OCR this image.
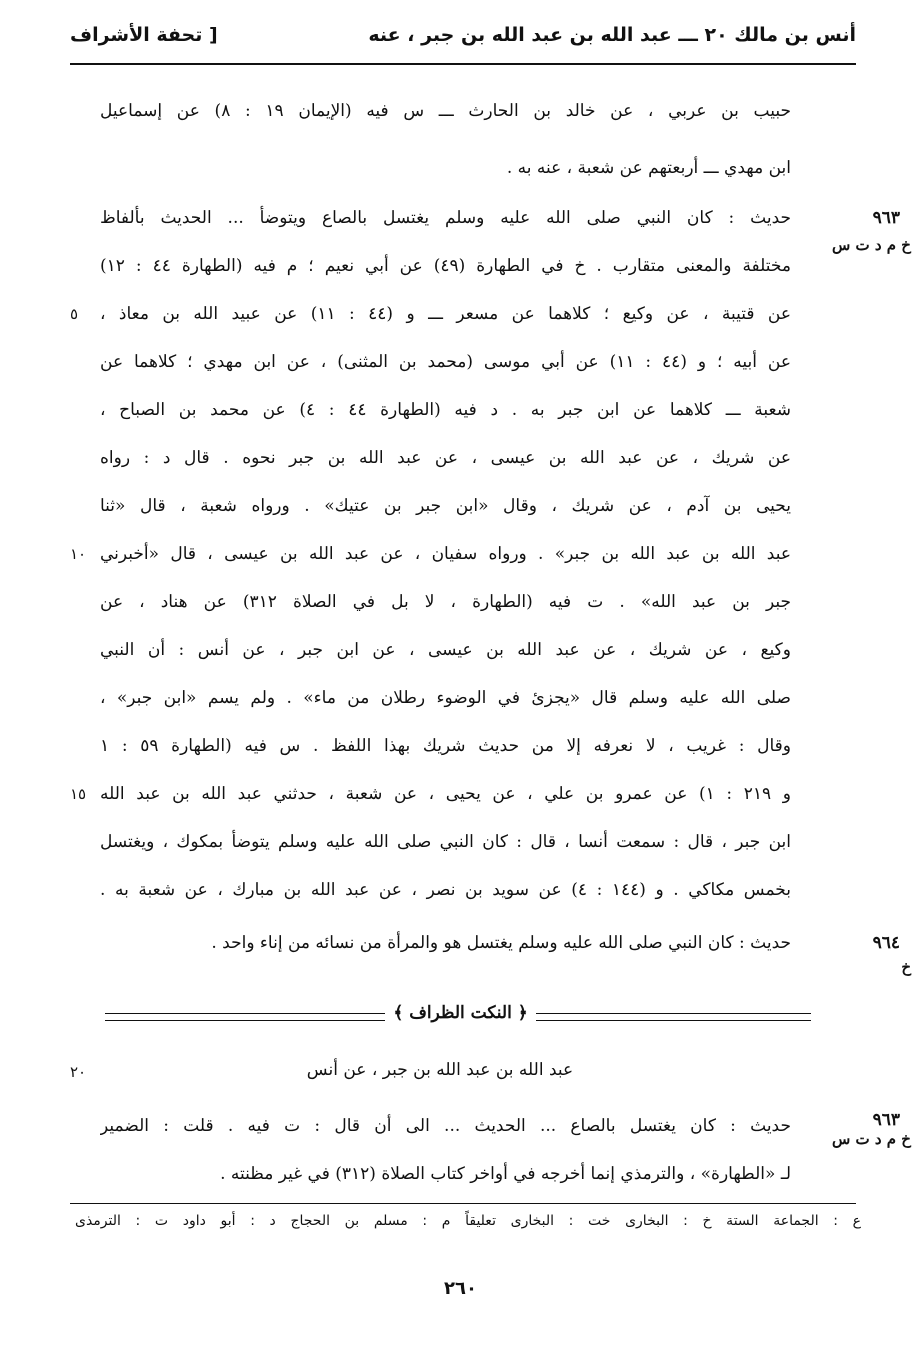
أنس بن مالك ٢٠ ـــ عبد الله بن عبد الله بن جبر ، عنه
[ تحفة الأشراف
حبيب بن عربي ، عن خالد بن الحارث ـــ س فيه (الإيمان ١٩ : ٨) عن إسماعيل
ابن مهدي ـــ أربعتهم عن شعبة ، عنه به .
٩٦٣
خ م د ت س
حديث : كان النبي صلى الله عليه وسلم يغتسل بالصاع ويتوضأ ... الحديث بألفاظ
مختلفة والمعنى متقارب . خ في الطهارة (٤٩) عن أبي نعيم ؛ م فيه (الطهارة ٤٤ : ١٢)
عن قتيبة ، عن وكيع ؛ كلاهما عن مسعر ـــ و (٤٤ : ١١) عن عبيد الله بن معاذ ،
٥
عن أبيه ؛ و (٤٤ : ١١) عن أبي موسى (محمد بن المثنى) ، عن ابن مهدي ؛ كلاهما عن
شعبة ـــ كلاهما عن ابن جبر به . د فيه (الطهارة ٤٤ : ٤) عن محمد بن الصباح ،
عن شريك ، عن عبد الله بن عيسى ، عن عبد الله بن جبر نحوه . قال د : رواه
يحيى بن آدم ، عن شريك ، وقال «ابن جبر بن عتيك» . ورواه شعبة ، قال «ثنا
عبد الله بن عبد الله بن جبر» . ورواه سفيان ، عن عبد الله بن عيسى ، قال «أخبرني
١٠
جبر بن عبد الله» . ت فيه (الطهارة ، لا بل في الصلاة ٣١٢) عن هناد ، عن
وكيع ، عن شريك ، عن عبد الله بن عيسى ، عن ابن جبر ، عن أنس : أن النبي
صلى الله عليه وسلم قال «يجزئ في الوضوء رطلان من ماء» . ولم يسم «ابن جبر» ،
وقال : غريب ، لا نعرفه إلا من حديث شريك بهذا اللفظ . س فيه (الطهارة ٥٩ : ١
و ٢١٩ : ١) عن عمرو بن علي ، عن يحيى ، عن شعبة ، حدثني عبد الله بن عبد الله
١٥
ابن جبر ، قال : سمعت أنسا ، قال : كان النبي صلى الله عليه وسلم يتوضأ بمكوك ، ويغتسل
بخمس مكاكي . و (١٤٤ : ٤) عن سويد بن نصر ، عن عبد الله بن مبارك ، عن شعبة به .
٩٦٤
خ
حديث : كان النبي صلى الله عليه وسلم يغتسل هو والمرأة من نسائه من إناء واحد .
﴿ النكت الظراف ﴾
عبد الله بن عبد الله بن جبر ، عن أنس
٢٠
٩٦٣
خ م د ت س
حديث : كان يغتسل بالصاع ... الحديث ... الى أن قال : ت فيه . قلت : الضمير
لـ «الطهارة» ، والترمذي إنما أخرجه في أواخر كتاب الصلاة (٣١٢) في غير مظنته .
ع : الجماعة الستة خ : البخارى خت : البخارى تعليقاً م : مسلم بن الحجاج د : أبو داود ت : الترمذى
٢٦٠
